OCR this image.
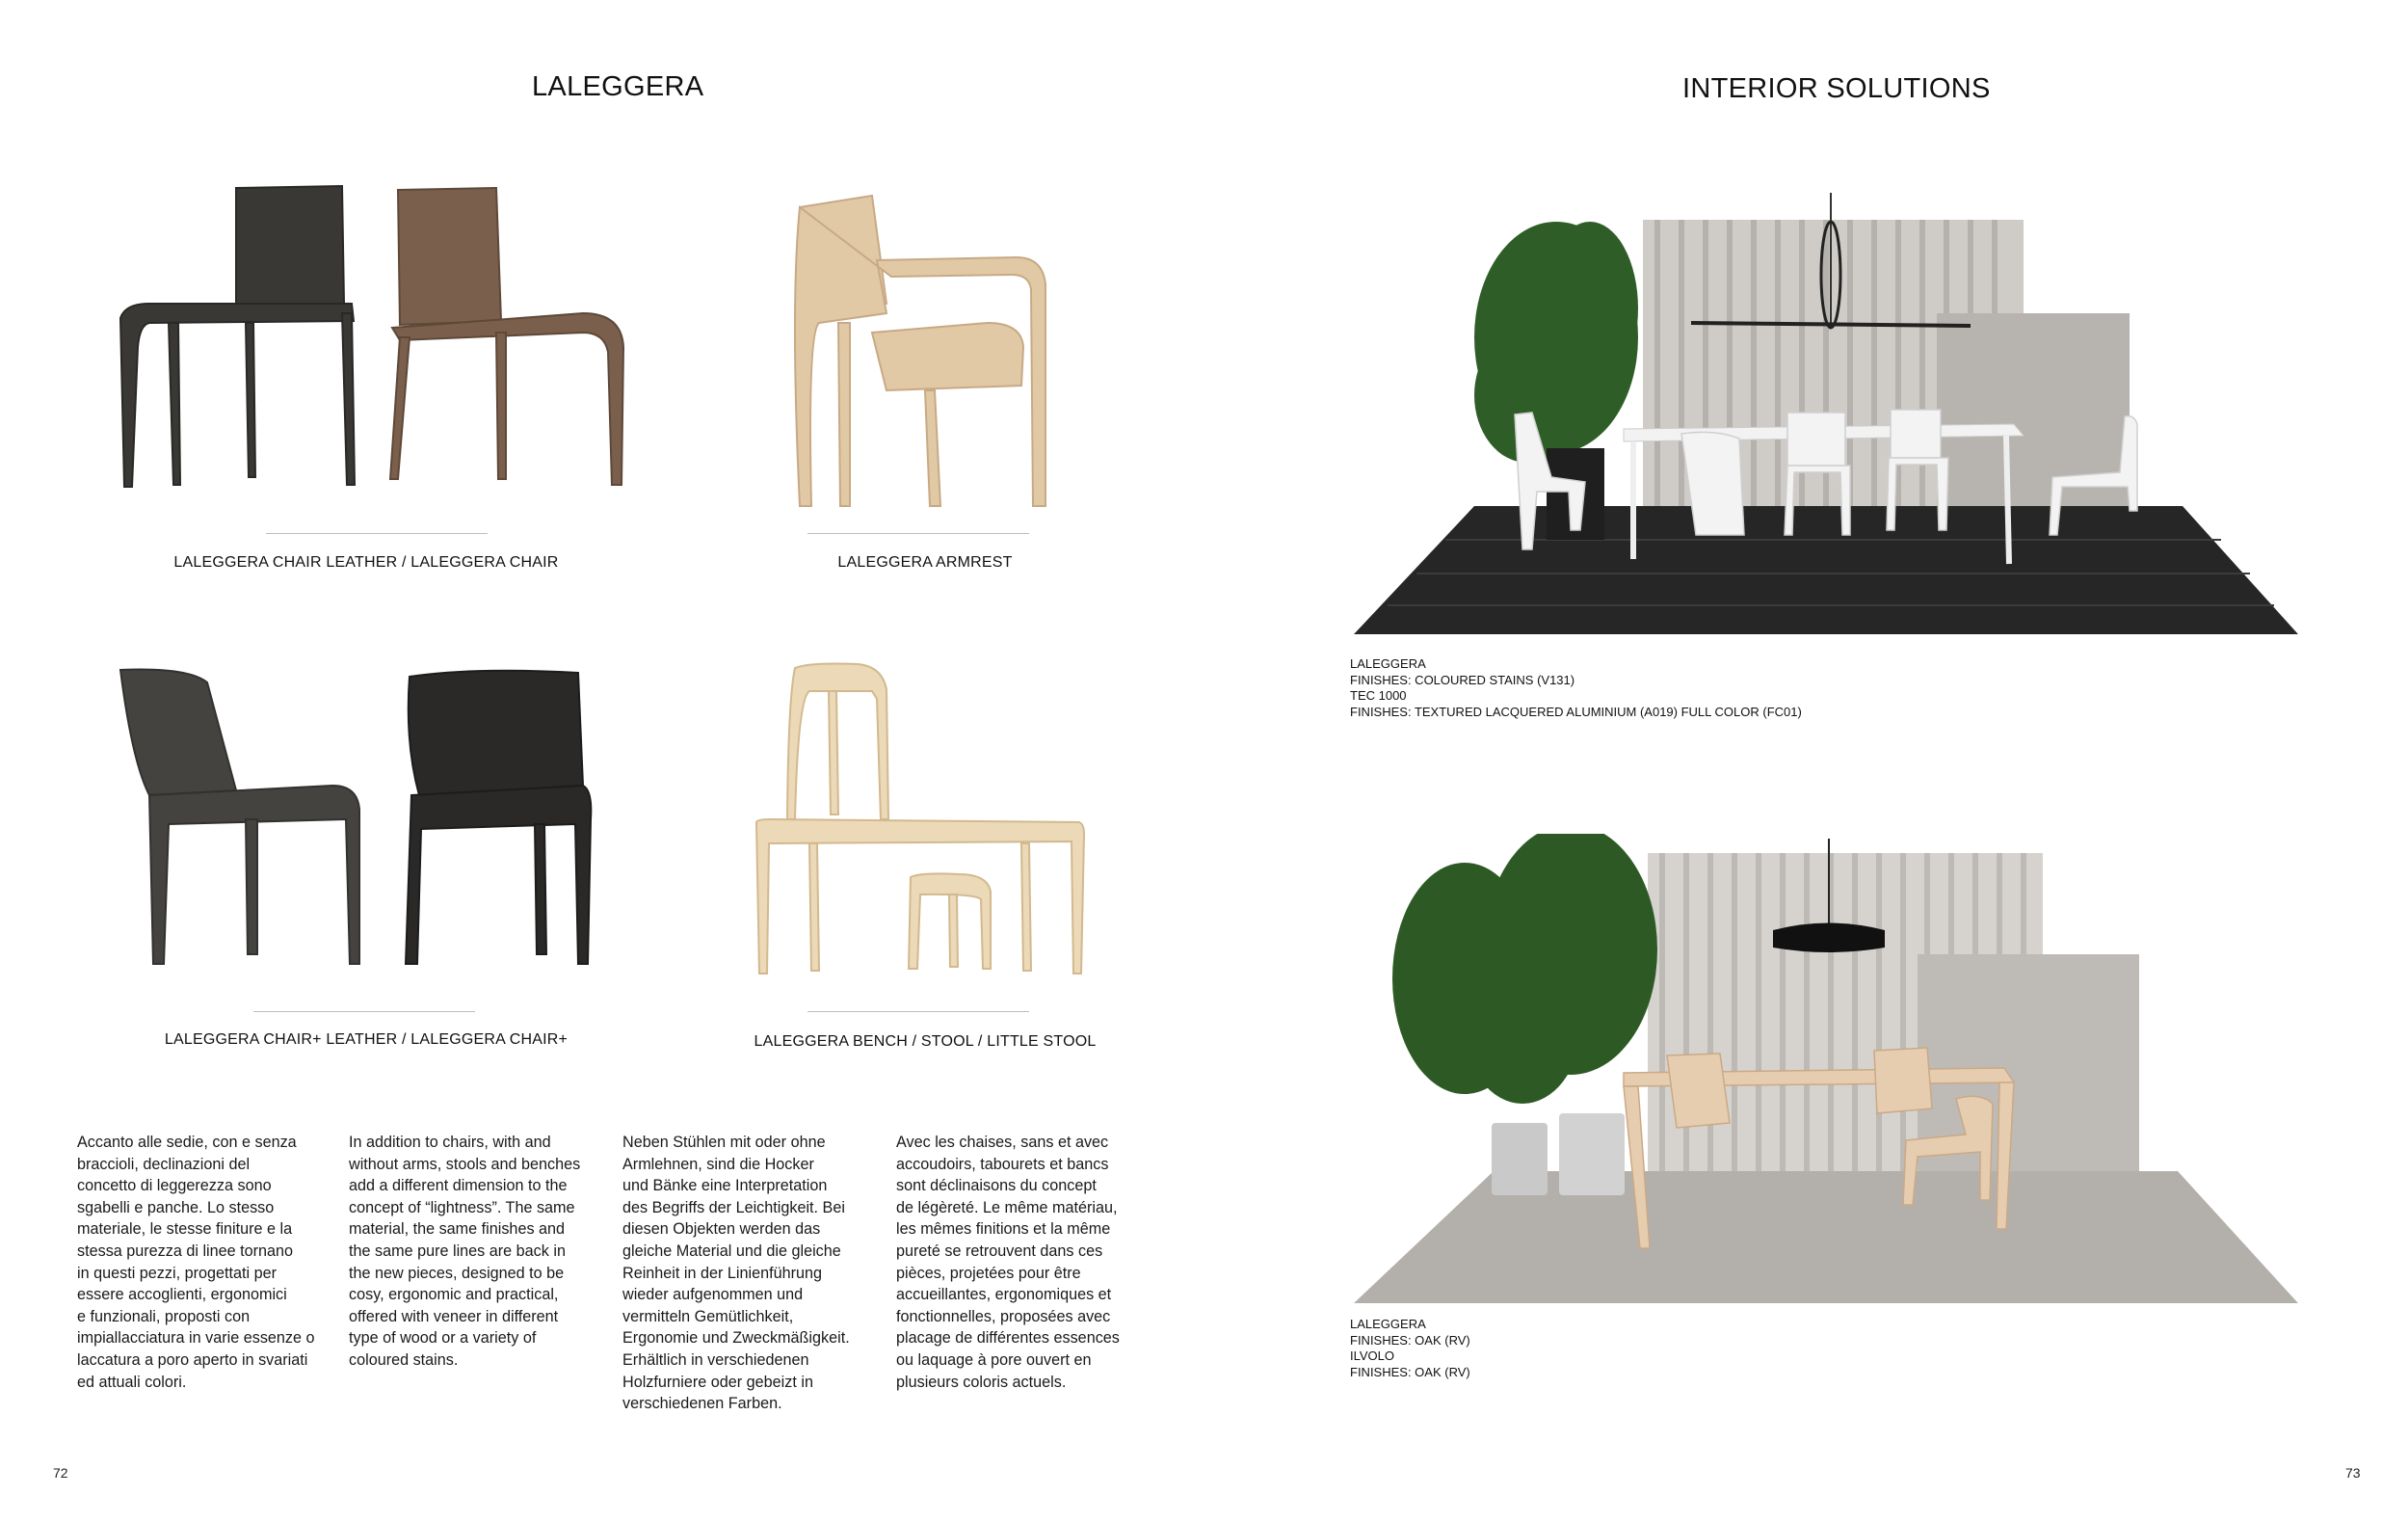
LALEGGERA
LALEGGERA CHAIR LEATHER / LALEGGERA CHAIR	LALEGGERA ARMREST
LALEGGERA CHAIR+ LEATHER / LALEGGERA CHAIR+	LALEGGERA BENCH / STOOL / LITTLE STOOL
Accanto alle sedie, con e senza
braccioli, declinazioni del
concetto di leggerezza sono
sgabelli e panche. Lo stesso
materiale, le stesse finiture e la
stessa purezza di linee tornano
in questi pezzi, progettati per
essere accoglienti, ergonomici
e funzionali, proposti con
impiallacciatura in varie essenze o
laccatura a poro aperto in svariati
ed attuali colori.
In addition to chairs, with and
without arms, stools and benches
add a different dimension to the
concept of “lightness”. The same
material, the same finishes and
the same pure lines are back in
the new pieces, designed to be
cosy, ergonomic and practical,
offered with veneer in different
type of wood or a variety of
coloured stains.
Neben Stühlen mit oder ohne
Armlehnen, sind die Hocker
und Bänke eine Interpretation
des Begriffs der Leichtigkeit. Bei
diesen Objekten werden das
gleiche Material und die gleiche
Reinheit in der Linienführung
wieder aufgenommen und
vermitteln Gemütlichkeit,
Ergonomie und Zweckmäßigkeit.
Erhältlich in verschiedenen
Holzfurniere oder gebeizt in
verschiedenen Farben.
Avec les chaises, sans et avec
accoudoirs, tabourets et bancs
sont déclinaisons du concept
de légèreté. Le même matériau,
les mêmes finitions et la même
pureté se retrouvent dans ces
pièces, projetées pour être
accueillantes, ergonomiques et
fonctionnelles, proposées avec
placage de différentes essences
ou laquage à pore ouvert en
plusieurs coloris actuels.
72
INTERIOR SOLUTIONS
LALEGGERA
FINISHES: COLOURED STAINS (V131)
TEC 1000
FINISHES: TEXTURED LACQUERED ALUMINIUM (A019) FULL COLOR (FC01)
LALEGGERA
FINISHES: OAK (RV)
ILVOLO
FINISHES: OAK (RV)
73
